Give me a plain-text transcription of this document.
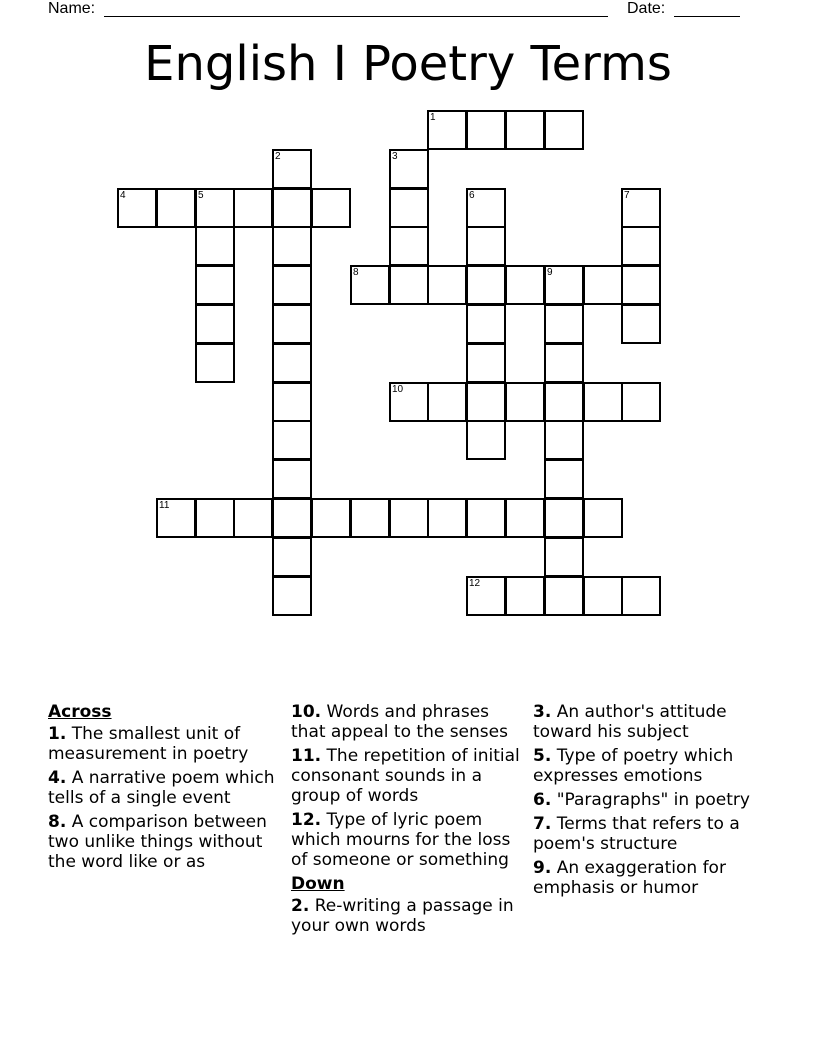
Name:	Date:
English I Poetry Terms
1
2	3
4	5	6	7
8	9
10
11
12
Across
1. The smallest unit of measurement in poetry
4. A narrative poem which tells of a single event
8. A comparison between two unlike things without the word like or as
10. Words and phrases that appeal to the senses
11. The repetition of initial consonant sounds in a group of words
12. Type of lyric poem which mourns for the loss of someone or something
Down
2. Re-writing a passage in your own words
3. An author's attitude toward his subject
5. Type of poetry which expresses emotions
6. "Paragraphs" in poetry
7. Terms that refers to a poem's structure
9. An exaggeration for emphasis or humor
